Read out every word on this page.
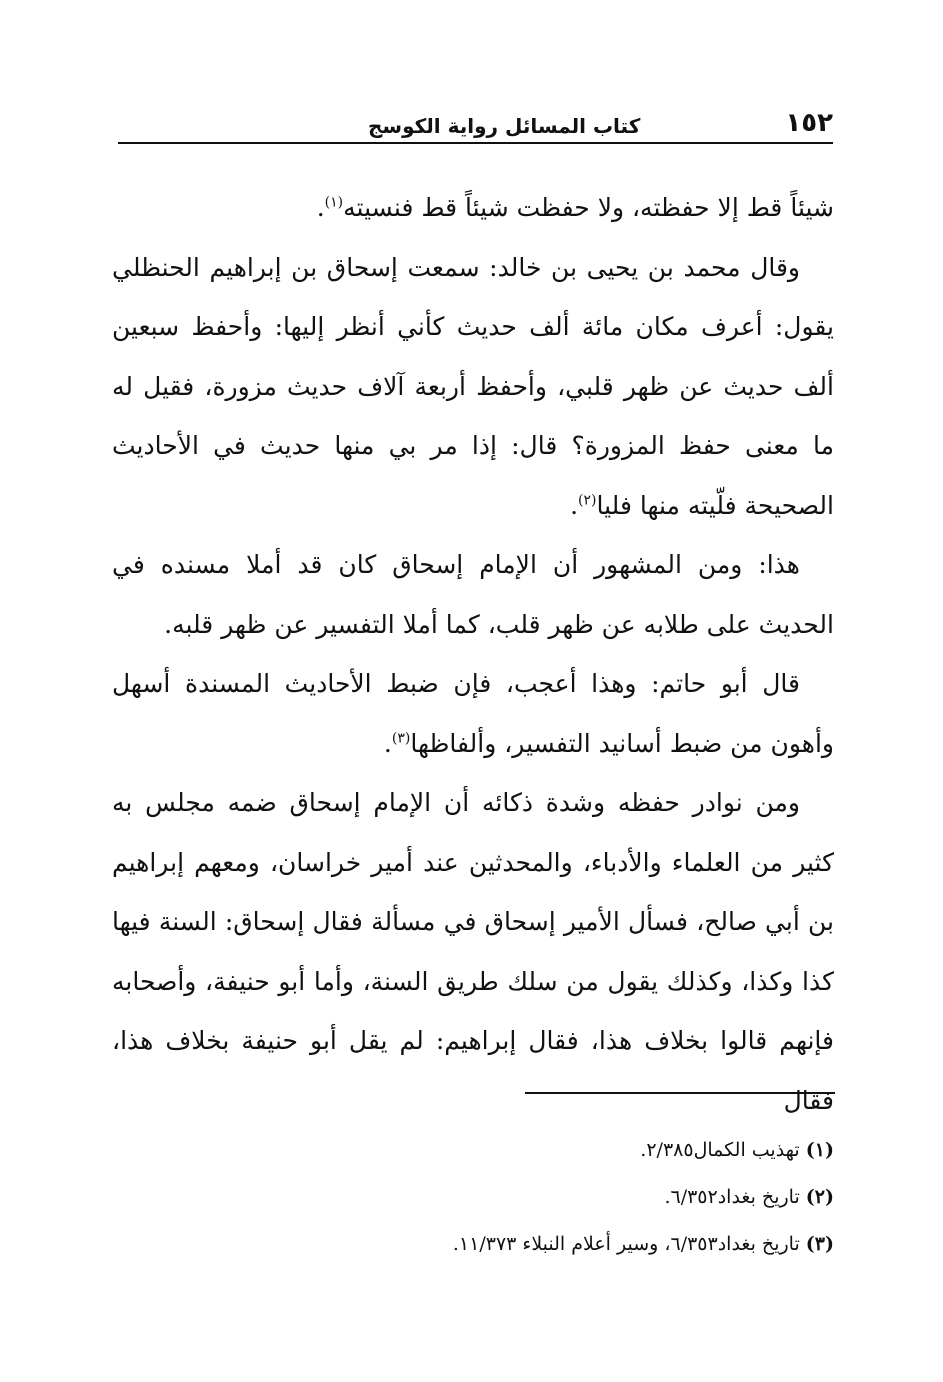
١٥٢
كتاب المسائل رواية الكوسج

شيئاً قط إلا حفظته، ولا حفظت شيئاً قط فنسيته$^{(١)}$.

وقال محمد بن يحيى بن خالد: سمعت إسحاق بن إبراهيم الحنظلي يقول: أعرف مكان مائة ألف حديث كأني أنظر إليها: وأحفظ سبعين ألف حديث عن ظهر قلبي، وأحفظ أربعة آلاف حديث مزورة، فقيل له ما معنى حفظ المزورة؟ قال: إذا مر بي منها حديث في الأحاديث الصحيحة فلّيته منها فليا$^{(٢)}$.

هذا: ومن المشهور أن الإمام إسحاق كان قد أملا مسنده في الحديث على طلابه عن ظهر قلب، كما أملا التفسير عن ظهر قلبه.

قال أبو حاتم: وهذا أعجب، فإن ضبط الأحاديث المسندة أسهل وأهون من ضبط أسانيد التفسير، وألفاظها$^{(٣)}$.

ومن نوادر حفظه وشدة ذكائه أن الإمام إسحاق ضمه مجلس به كثير من العلماء والأدباء، والمحدثين عند أمير خراسان، ومعهم إبراهيم بن أبي صالح، فسأل الأمير إسحاق في مسألة فقال إسحاق: السنة فيها كذا وكذا، وكذلك يقول من سلك طريق السنة، وأما أبو حنيفة، وأصحابه فإنهم قالوا بخلاف هذا، فقال إبراهيم: لم يقل أبو حنيفة بخلاف هذا، فقال

(١) تهذيب الكمال٢/٣٨٥.
(٢) تاريخ بغداد٦/٣٥٢.
(٣) تاريخ بغداد٦/٣٥٣، وسير أعلام النبلاء ١١/٣٧٣.
